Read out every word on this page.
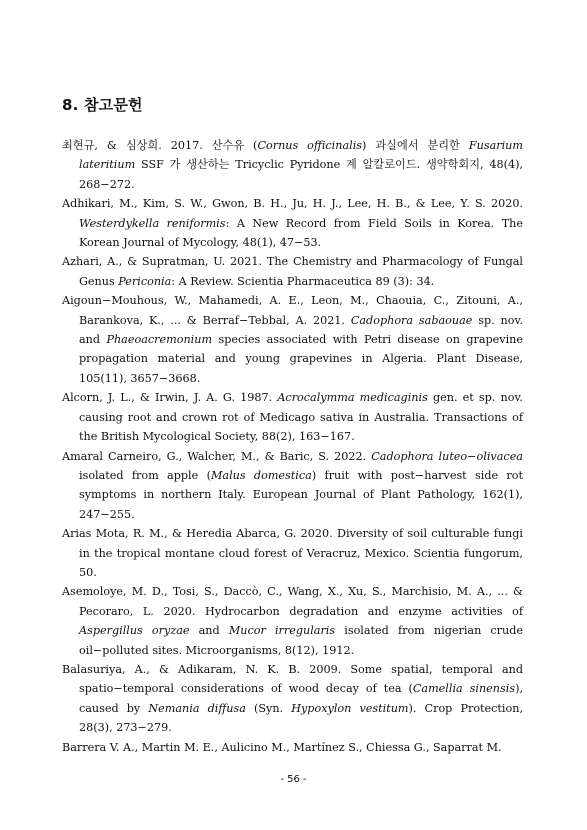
8. 참고문헌

최현규, & 심상희. 2017. 산수유 (Cornus officinalis) 과실에서 분리한 Fusarium lateritium SSF 가 생산하는 Tricyclic Pyridone 계 알칼로이드. 생약학회지, 48(4), 268−272.

Adhikari, M., Kim, S. W., Gwon, B. H., Ju, H. J., Lee, H. B., & Lee, Y. S. 2020. Westerdykella reniformis: A New Record from Field Soils in Korea. The Korean Journal of Mycology, 48(1), 47−53.

Azhari, A., & Supratman, U. 2021. The Chemistry and Pharmacology of Fungal Genus Periconia: A Review. Scientia Pharmaceutica 89 (3): 34.

Aigoun−Mouhous, W., Mahamedi, A. E., Leon, M., Chaouia, C., Zitouni, A., Barankova, K., ... & Berraf−Tebbal, A. 2021. Cadophora sabaouae sp. nov. and Phaeoacremonium species associated with Petri disease on grapevine propagation material and young grapevines in Algeria. Plant Disease, 105(11), 3657−3668.

Alcorn, J. L., & Irwin, J. A. G. 1987. Acrocalymma medicaginis gen. et sp. nov. causing root and crown rot of Medicago sativa in Australia. Transactions of the British Mycological Society, 88(2), 163−167.

Amaral Carneiro, G., Walcher, M., & Baric, S. 2022. Cadophora luteo−olivacea isolated from apple (Malus domestica) fruit with post−harvest side rot symptoms in northern Italy. European Journal of Plant Pathology, 162(1), 247−255.

Arias Mota, R. M., & Heredia Abarca, G. 2020. Diversity of soil culturable fungi in the tropical montane cloud forest of Veracruz, Mexico. Scientia fungorum, 50.

Asemoloye, M. D., Tosi, S., Daccò, C., Wang, X., Xu, S., Marchisio, M. A., ... & Pecoraro, L. 2020. Hydrocarbon degradation and enzyme activities of Aspergillus oryzae and Mucor irregularis isolated from nigerian crude oil−polluted sites. Microorganisms, 8(12), 1912.

Balasuriya, A., & Adikaram, N. K. B. 2009. Some spatial, temporal and spatio−temporal considerations of wood decay of tea (Camellia sinensis), caused by Nemania diffusa (Syn. Hypoxylon vestitum). Crop Protection, 28(3), 273−279.

Barrera V. A., Martin M. E., Aulicino M., Martínez S., Chiessa G., Saparrat M.

- 56 -
